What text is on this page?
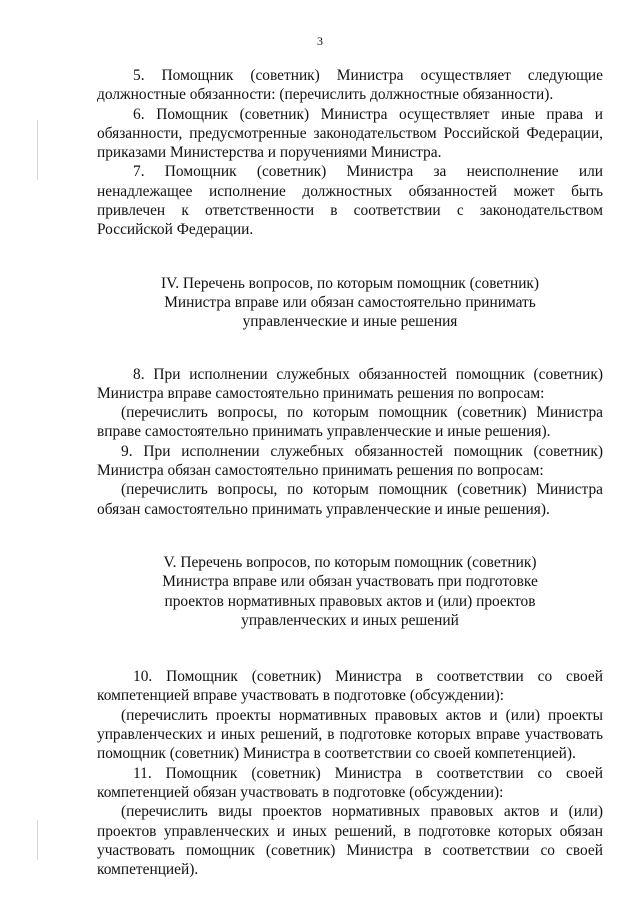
3

5. Помощник (советник) Министра осуществляет следующие должностные обязанности: (перечислить должностные обязанности).

6. Помощник (советник) Министра осуществляет иные права и обязанности, предусмотренные законодательством Российской Федерации, приказами Министерства и поручениями Министра.

7. Помощник (советник) Министра за неисполнение или ненадлежащее исполнение должностных обязанностей может быть привлечен к ответственности в соответствии с законодательством Российской Федерации.

IV. Перечень вопросов, по которым помощник (советник)
Министра вправе или обязан самостоятельно принимать
управленческие и иные решения

8. При исполнении служебных обязанностей помощник (советник) Министра вправе самостоятельно принимать решения по вопросам:

(перечислить вопросы, по которым помощник (советник) Министра вправе самостоятельно принимать управленческие и иные решения).

9. При исполнении служебных обязанностей помощник (советник) Министра обязан самостоятельно принимать решения по вопросам:

(перечислить вопросы, по которым помощник (советник) Министра обязан самостоятельно принимать управленческие и иные решения).

V. Перечень вопросов, по которым помощник (советник)
Министра вправе или обязан участвовать при подготовке
проектов нормативных правовых актов и (или) проектов
управленческих и иных решений

10. Помощник (советник) Министра в соответствии со своей компетенцией вправе участвовать в подготовке (обсуждении):

(перечислить проекты нормативных правовых актов и (или) проекты управленческих и иных решений, в подготовке которых вправе участвовать помощник (советник) Министра в соответствии со своей компетенцией).

11. Помощник (советник) Министра в соответствии со своей компетенцией обязан участвовать в подготовке (обсуждении):

(перечислить виды проектов нормативных правовых актов и (или) проектов управленческих и иных решений, в подготовке которых обязан участвовать помощник (советник) Министра в соответствии со своей компетенцией).
